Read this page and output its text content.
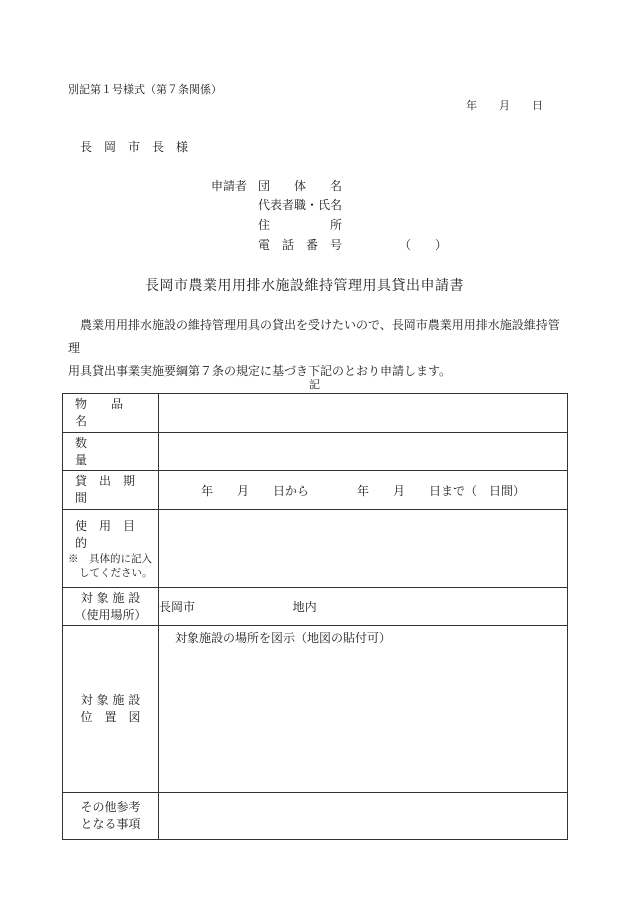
別記第１号様式（第７条関係）
年　　月　　日
長　岡　市　長　様
申請者 団　　体　　名
代表者職・氏名
住　　　　　所
電　話　番　号	（　　）
長岡市農業用用排水施設維持管理用具貸出申請書
農業用用排水施設の維持管理用具の貸出を受けたいので、長岡市農業用用排水施設維持管理
用具貸出事業実施要綱第７条の規定に基づき下記のとおり申請します。
記
物　　品　　名	

数　　　　　量	

貸　出　期　間	年　　月　　日から　　　　年　　月　　日まで（　日間）

使　用　目　的
※　具体的に記入
してください。	

対 象 施 設
（使用場所）	長岡市 地内

対 象 施 設
位　置　図	対象施設の場所を図示（地図の貼付可）

その他参考
となる事項	
